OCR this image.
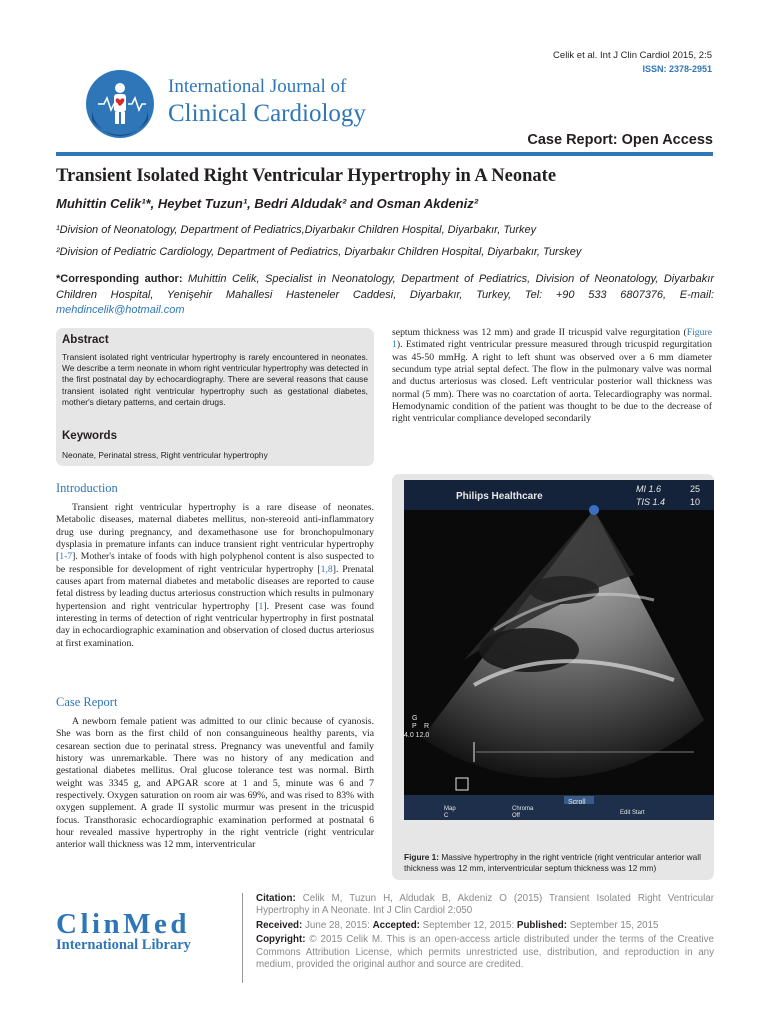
Celik et al. Int J Clin Cardiol 2015, 2:5
ISSN: 2378-2951
International Journal of
Clinical Cardiology
Case Report: Open Access
Transient Isolated Right Ventricular Hypertrophy in A Neonate
Muhittin Celik¹*, Heybet Tuzun¹, Bedri Aldudak² and Osman Akdeniz²
¹Division of Neonatology, Department of Pediatrics,Diyarbakır Children Hospital, Diyarbakır, Turkey
²Division of Pediatric Cardiology, Department of Pediatrics, Diyarbakır Children Hospital, Diyarbakır, Turskey
*Corresponding author: Muhittin Celik, Specialist in Neonatology, Department of Pediatrics, Division of Neonatology, Diyarbakır Children Hospital, Yenişehir Mahallesi Hasteneler Caddesi, Diyarbakır, Turkey, Tel: +90 533 6807376, E-mail: mehdincelik@hotmail.com
Abstract
Transient isolated right ventricular hypertrophy is rarely encountered in neonates. We describe a term neonate in whom right ventricular hypertrophy was detected in the first postnatal day by echocardiography. There are several reasons that cause transient isolated right ventricular hypertrophy such as gestational diabetes, mother's dietary patterns, and certain drugs.
Keywords
Neonate, Perinatal stress, Right ventricular hypertrophy
Introduction

Transient right ventricular hypertrophy is a rare disease of neonates. Metabolic diseases, maternal diabetes mellitus, non-stereoid anti-inflammatory drug use during pregnancy, and dexamethasone use for bronchopulmonary dysplasia in premature infants can induce transient right ventricular hypertrophy [1-7]. Mother's intake of foods with high polyphenol content is also suspected to be responsible for development of right ventricular hypertrophy [1,8]. Prenatal causes apart from maternal diabetes and metabolic diseases are reported to cause fetal distress by leading ductus arteriosus construction which results in pulmonary hypertension and right ventricular hypertrophy [1]. Present case was found interesting in terms of detection of right ventricular hypertrophy in first postnatal day in echocardiographic examination and observation of closed ductus arteriosus at first examination.

Case Report

A newborn female patient was admitted to our clinic because of cyanosis. She was born as the first child of non consanguineous healthy parents, via cesarean section due to perinatal stress. Pregnancy was uneventful and family history was unremarkable. There was no history of any medication and gestational diabetes mellitus. Oral glucose tolerance test was normal. Birth weight was 3345 g, and APGAR score at 1 and 5, minute was 6 and 7 respectively. Oxygen saturation on room air was 69%, and was rised to 83% with oxygen supplement. A grade II systolic murmur was present in the tricuspid focus. Transthorasic echocardiographic examination performed at postnatal 6 hour revealed massive hypertrophy in the right ventricle (right ventricular anterior wall thickness was 12 mm, interventricular

septum thickness was 12 mm) and grade II tricuspid valve regurgitation (Figure 1). Estimated right ventricular pressure measured through tricuspid regurgitation was 45-50 mmHg. A right to left shunt was observed over a 6 mm diameter secundum type atrial septal defect. The flow in the pulmonary valve was normal and ductus arteriosus was closed. Left ventricular posterior wall thickness was normal (5 mm). There was no coarctation of aorta. Telecardiography was normal. Hemodynamic condition of the patient was thought to be due to the decrease of right ventricular compliance developed secondarily

Philips Healthcare
MI 1.6	25
TIS 1.4	10
G
P R
4.0 12.0
Scroll
Map C
Chroma Off	Edit Start
Figure 1: Massive hypertrophy in the right ventricle (right ventricular anterior wall thickness was 12 mm, interventricular septum thickness was 12 mm)
ClinMed
International Library

Citation: Celik M, Tuzun H, Aldudak B, Akdeniz O (2015) Transient Isolated Right Ventricular Hypertrophy in A Neonate. Int J Clin Cardiol 2:050

Received: June 28, 2015: Accepted: September 12, 2015: Published: September 15, 2015

Copyright: © 2015 Celik M. This is an open-access article distributed under the terms of the Creative Commons Attribution License, which permits unrestricted use, distribution, and reproduction in any medium, provided the original author and source are credited.
